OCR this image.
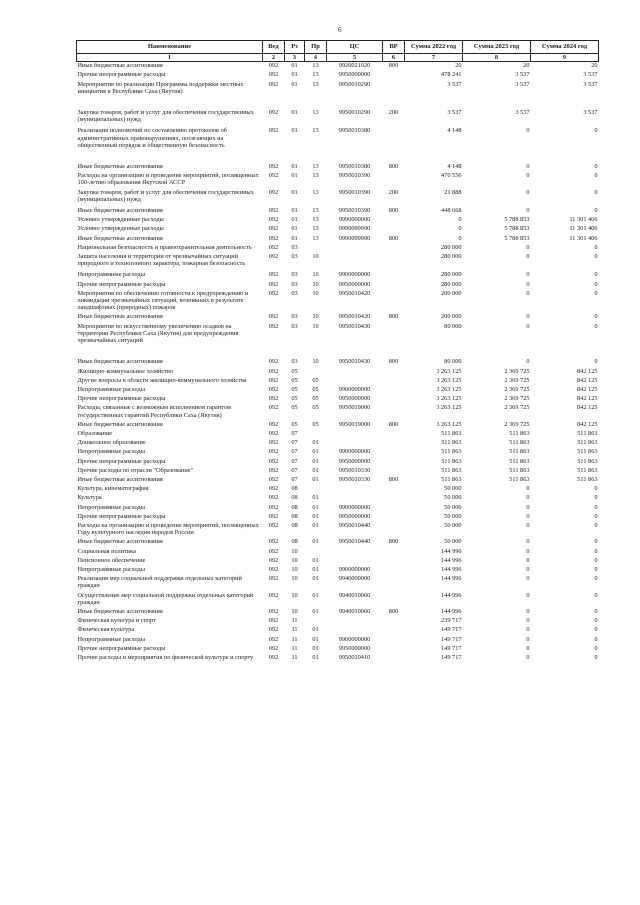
6
Наименование	Вед	Рз	Пр	ЦС	ВР	Сумма 2022 год	Сумма 2023 год	Сумма 2024 год
1	2	3	4	5	6	7	8	9
Иные бюджетные ассигнования	092	01	13	9920021020	800	20	20	20
Прочие непрограммные расходы	092	01	13	9950000000		478 241	3 537	3 537
Мероприятия по реализации Программы поддержки местных инициатив в Республике Саха (Якутия)	092	01	13	9950010290		3 537	3 537	3 537
Закупка товаров, работ и услуг для обеспечения государственных (муниципальных) нужд	092	01	13	9950010290	200	3 537	3 537	3 537
Реализация полномочий по составлению протоколов об административных правонарушениях, посягающих на общественный порядок и общественную безопасность	092	01	13	9950010380		4 148	0	0
Иные бюджетные ассигнования	092	01	13	9950010380	800	4 148	0	0
Расходы на организацию и проведение мероприятий, посвященных 100-летию образования Якутской АССР	092	01	13	9950010390		470 556	0	0
Закупка товаров, работ и услуг для обеспечения государственных (муниципальных) нужд	092	01	13	9950010390	200	21 888	0	0
Иные бюджетные ассигнования	092	01	13	9950010390	800	448 668	0	0
Условно утвержденные расходы	092	01	13	9990000000		0	5 788 853	11 301 406
Условно утвержденные расходы	092	01	13	9990099990		0	5 788 853	11 301 406
Иные бюджетные ассигнования	092	01	13	9990099990	800	0	5 788 853	11 301 406
Национальная безопасность и правоохранительная деятельность	092	03				280 000	0	0
Защита населения и территории от чрезвычайных ситуаций природного и техногенного характера, пожарная безопасность	092	03	10			280 000	0	0
Непрограммные расходы	092	03	10	9900000000		280 000	0	0
Прочие непрограммные расходы	092	03	10	9950000000		280 000	0	0
Мероприятия по обеспечению готовности к предупреждению и ликвидации чрезвычайных ситуаций, возникших в результате ландшафтных (природных) пожаров	092	03	10	9950010420		200 000	0	0
Иные бюджетные ассигнования	092	03	10	9950010420	800	200 000	0	0
Мероприятия по искусственному увеличению осадков на территории Республики Саха (Якутия) для предупреждения чрезвычайных ситуаций	092	03	10	9950010430		80 000	0	0
Иные бюджетные ассигнования	092	03	10	9950010430	800	80 000	0	0
Жилищно-коммунальное хозяйство	092	05				3 263 125	2 369 725	842 125
Другие вопросы в области жилищно-коммунального хозяйства	092	05	05			3 263 125	2 369 725	842 125
Непрограммные расходы	092	05	05	9900000000		3 263 125	2 369 725	842 125
Прочие непрограммные расходы	092	05	05	9950000000		3 263 125	2 369 725	842 125
Расходы, связанные с возможным исполнением гарантом государственных гарантий Республики Саха (Якутия)	092	05	05	9950019000		3 263 125	2 369 725	842 125
Иные бюджетные ассигнования	092	05	05	9950019000	800	3 263 125	2 369 725	842 125
Образование	092	07				511 863	511 863	511 863
Дошкольное образование	092	07	01			511 863	511 863	511 863
Непрограммные расходы	092	07	01	9900000000		511 863	511 863	511 863
Прочие непрограммные расходы	092	07	01	9950000000		511 863	511 863	511 863
Прочие расходы по отрасли "Образование"	092	07	01	9950010330		511 863	511 863	511 863
Иные бюджетные ассигнования	092	07	01	9950010330	800	511 863	511 863	511 863
Культура, кинематография	092	08				50 000	0	0
Культура	092	08	01			50 000	0	0
Непрограммные расходы	092	08	01	9900000000		50 000	0	0
Прочие непрограммные расходы	092	08	01	9950000000		50 000	0	0
Расходы на организацию и проведение мероприятий, посвященных Году культурного наследия народов России	092	08	01	9950010440		50 000	0	0
Иные бюджетные ассигнования	092	08	01	9950010440	800	50 000	0	0
Социальная политика	092	10				144 996	0	0
Пенсионное обеспечение	092	10	01			144 996	0	0
Непрограммные расходы	092	10	01	9900000000		144 996	0	0
Реализация мер социальной поддержки отдельных категорий граждан	092	10	01	9940000000		144 996	0	0
Осуществление мер социальной поддержки отдельных категорий граждан	092	10	01	9940010060		144 996	0	0
Иные бюджетные ассигнования	092	10	01	9940010060	800	144 996	0	0
Физическая культура и спорт	092	11				239 717	0	0
Физическая культура	092	11	01			149 717	0	0
Непрограммные расходы	092	11	01	9900000000		149 717	0	0
Прочие непрограммные расходы	092	11	01	9950000000		149 717	0	0
Прочие расходы и мероприятия по физической культуре и спорту	092	11	01	9950010410		149 717	0	0
